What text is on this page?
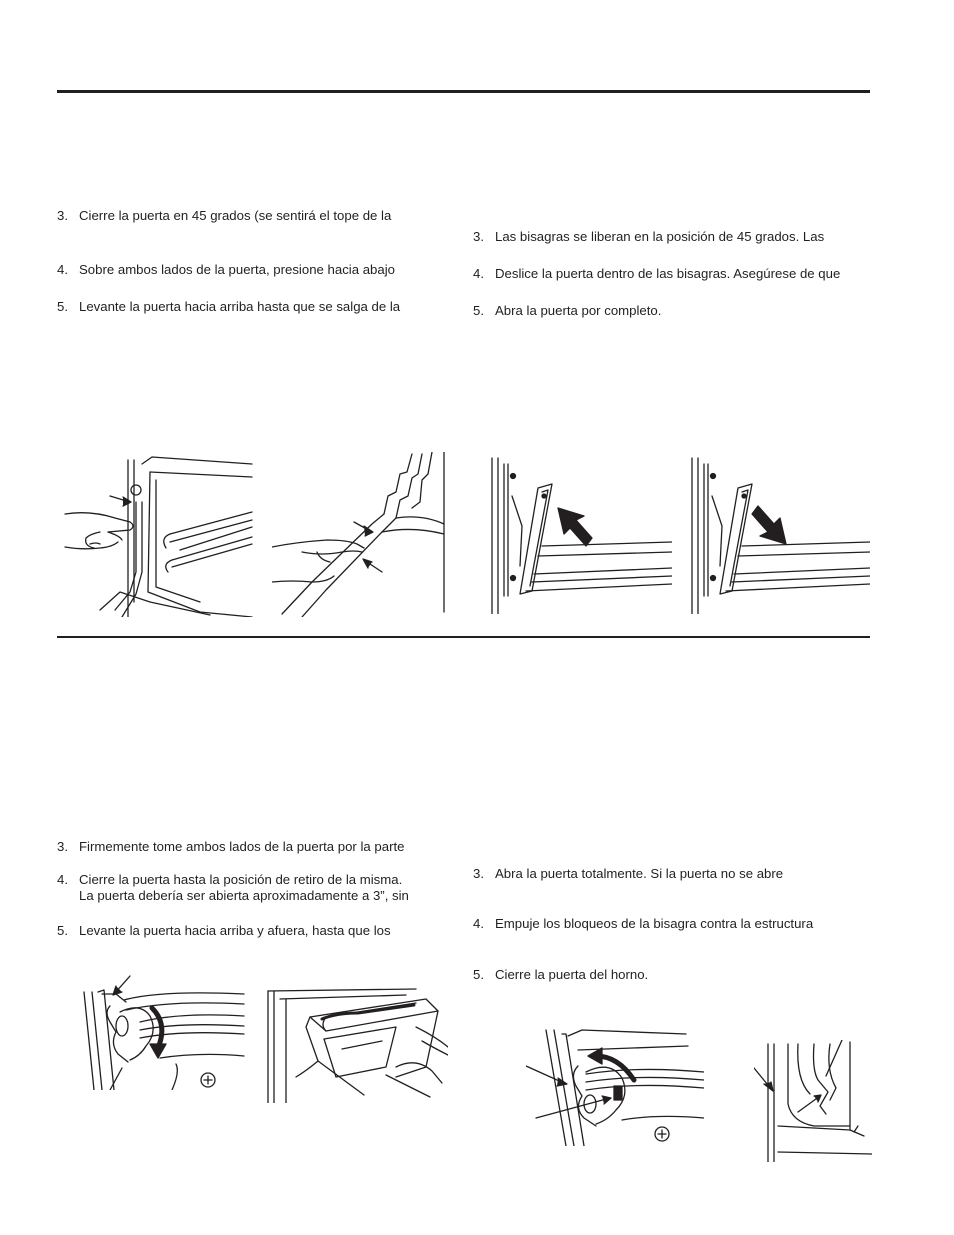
3. Cierre la puerta en 45 grados (se sentirá el tope de la
4. Sobre ambos lados de la puerta, presione hacia abajo
5. Levante la puerta hacia arriba hasta que se salga de la
3. Las bisagras se liberan en la posición de 45 grados. Las
4. Deslice la puerta dentro de las bisagras. Asegúrese de que
5. Abra la puerta por completo.
3. Firmemente tome ambos lados de la puerta por la parte
4. Cierre la puerta hasta la posición de retiro de la misma.
La puerta debería ser abierta aproximadamente a 3”, sin
5. Levante la puerta hacia arriba y afuera, hasta que los
3. Abra la puerta totalmente. Si la puerta no se abre
4. Empuje los bloqueos de la bisagra contra la estructura
5. Cierre la puerta del horno.
